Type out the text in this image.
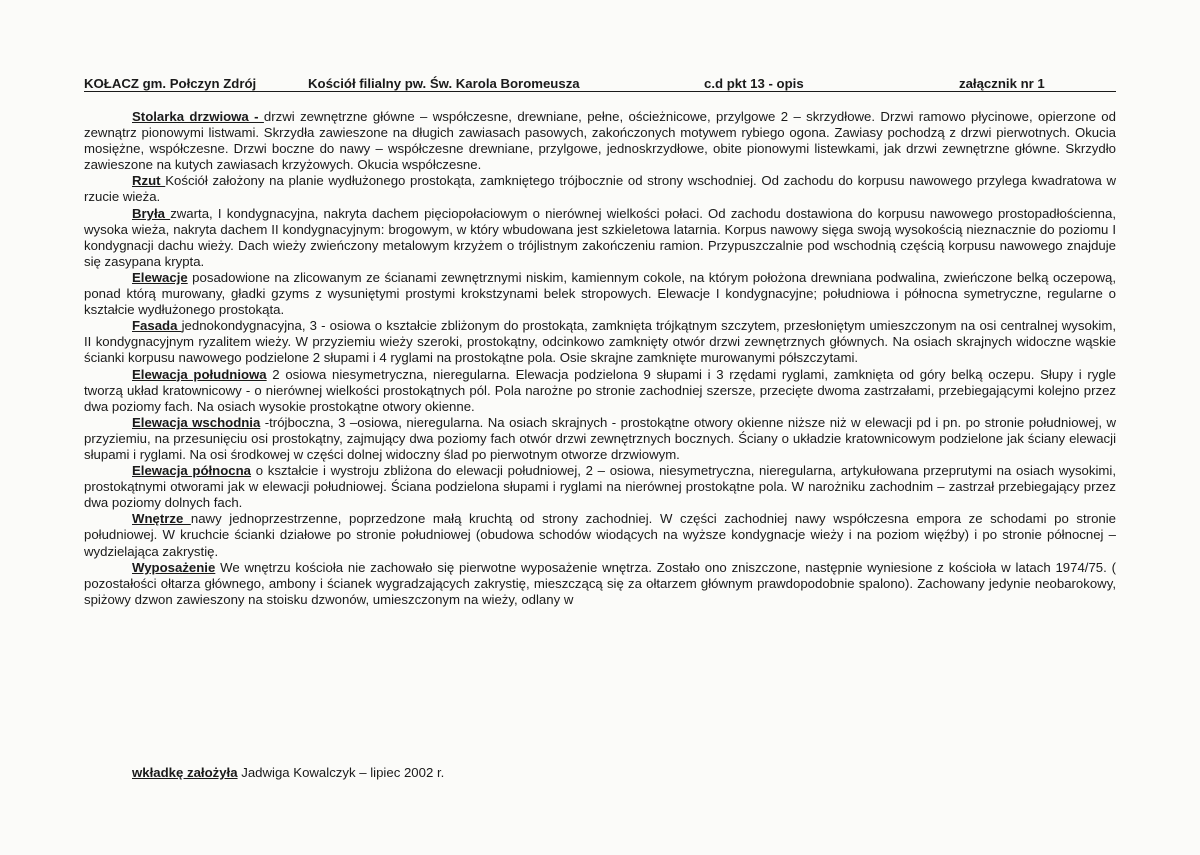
KOŁACZ gm. Połczyn Zdrój	Kościół filialny pw. Św. Karola Boromeusza	c.d pkt 13 - opis	załącznik nr 1

Stolarka drzwiowa - drzwi zewnętrzne główne – współczesne, drewniane, pełne, ościeżnicowe, przylgowe 2 – skrzydłowe. Drzwi ramowo płycinowe, opierzone od zewnątrz pionowymi listwami. Skrzydła zawieszone na długich zawiasach pasowych, zakończonych motywem rybiego ogona. Zawiasy pochodzą z drzwi pierwotnych. Okucia mosiężne, współczesne. Drzwi boczne do nawy – współczesne drewniane, przylgowe, jednoskrzydłowe, obite pionowymi listewkami, jak drzwi zewnętrzne główne. Skrzydło zawieszone na kutych zawiasach krzyżowych. Okucia współczesne.

Rzut Kościół założony na planie wydłużonego prostokąta, zamkniętego trójbocznie od strony wschodniej. Od zachodu do korpusu nawowego przylega kwadratowa w rzucie wieża.

Bryła zwarta, I kondygnacyjna, nakryta dachem pięciopołaciowym o nierównej wielkości połaci. Od zachodu dostawiona do korpusu nawowego prostopadłościenna, wysoka wieża, nakryta dachem II kondygnacyjnym: brogowym, w który wbudowana jest szkieletowa latarnia. Korpus nawowy sięga swoją wysokością nieznacznie do poziomu I kondygnacji dachu wieży. Dach wieży zwieńczony metalowym krzyżem o trójlistnym zakończeniu ramion. Przypuszczalnie pod wschodnią częścią korpusu nawowego znajduje się zasypana krypta.

Elewacje posadowione na zlicowanym ze ścianami zewnętrznymi niskim, kamiennym cokole, na którym położona drewniana podwalina, zwieńczone belką oczepową, ponad którą murowany, gładki gzyms z wysuniętymi prostymi krokstzynami belek stropowych. Elewacje I kondygnacyjne; południowa i północna symetryczne, regularne o kształcie wydłużonego prostokąta.

Fasada jednokondygnacyjna, 3 - osiowa o kształcie zbliżonym do prostokąta, zamknięta trójkątnym szczytem, przesłoniętym umieszczonym na osi centralnej wysokim, II kondygnacyjnym ryzalitem wieży. W przyziemiu wieży szeroki, prostokątny, odcinkowo zamknięty otwór drzwi zewnętrznych głównych. Na osiach skrajnych widoczne wąskie ścianki korpusu nawowego podzielone 2 słupami i 4 ryglami na prostokątne pola. Osie skrajne zamknięte murowanymi półszczytami.

Elewacja południowa 2 osiowa niesymetryczna, nieregularna. Elewacja podzielona 9 słupami i 3 rzędami ryglami, zamknięta od góry belką oczepu. Słupy i rygle tworzą układ kratownicowy - o nierównej wielkości prostokątnych pól. Pola narożne po stronie zachodniej szersze, przecięte dwoma zastrzałami, przebiegającymi kolejno przez dwa poziomy fach. Na osiach wysokie prostokątne otwory okienne.

Elewacja wschodnia -trójboczna, 3 –osiowa, nieregularna. Na osiach skrajnych - prostokątne otwory okienne niższe niż w elewacji pd i pn. po stronie południowej, w przyziemiu, na przesunięciu osi prostokątny, zajmujący dwa poziomy fach otwór drzwi zewnętrznych bocznych. Ściany o układzie kratownicowym podzielone jak ściany elewacji słupami i ryglami. Na osi środkowej w części dolnej widoczny ślad po pierwotnym otworze drzwiowym.

Elewacja północna o kształcie i wystroju zbliżona do elewacji południowej, 2 – osiowa, niesymetryczna, nieregularna, artykułowana przeprutymi na osiach wysokimi, prostokątnymi otworami jak w elewacji południowej. Ściana podzielona słupami i ryglami na nierównej prostokątne pola. W narożniku zachodnim – zastrzał przebiegający przez dwa poziomy dolnych fach.

Wnętrze nawy jednoprzestrzenne, poprzedzone małą kruchtą od strony zachodniej. W części zachodniej nawy współczesna empora ze schodami po stronie południowej. W kruchcie ścianki działowe po stronie południowej (obudowa schodów wiodących na wyższe kondygnacje wieży i na poziom więźby) i po stronie północnej – wydzielająca zakrystię.

Wyposażenie We wnętrzu kościoła nie zachowało się pierwotne wyposażenie wnętrza. Zostało ono zniszczone, następnie wyniesione z kościoła w latach 1974/75. ( pozostałości ołtarza głównego, ambony i ścianek wygradzających zakrystię, mieszczącą się za ołtarzem głównym prawdopodobnie spalono). Zachowany jedynie neobarokowy, spiżowy dzwon zawieszony na stoisku dzwonów, umieszczonym na wieży, odlany w

wkładkę założyła Jadwiga Kowalczyk – lipiec 2002 r.
